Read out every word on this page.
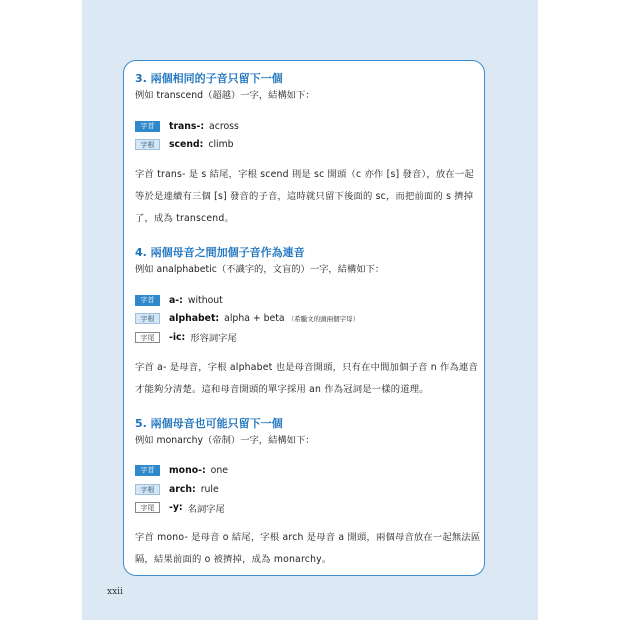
3. 兩個相同的子音只留下一個
例如 transcend（超越）一字，結構如下：
字首	trans-: across
字根	scend: climb
字首 trans- 是 s 結尾，字根 scend 則是 sc 開頭（c 亦作 [s] 發音），放在一起等於是連續有三個 [s] 發音的子音，這時就只留下後面的 sc，而把前面的 s 擠掉了，成為 transcend。
4. 兩個母音之間加個子音作為連音
例如 analphabetic（不識字的，文盲的）一字，結構如下：
字首	a-: without
字根	alphabet: alpha + beta （希臘文的頭兩個字母）
字尾	-ic: 形容詞字尾
字首 a- 是母音，字根 alphabet 也是母音開頭，只有在中間加個子音 n 作為連音才能夠分清楚。這和母音開頭的單字採用 an 作為冠詞是一樣的道理。
5. 兩個母音也可能只留下一個
例如 monarchy（帝制）一字，結構如下：
字首	mono-: one
字根	arch: rule
字尾	-y: 名詞字尾
字首 mono- 是母音 o 結尾，字根 arch 是母音 a 開頭，兩個母音放在一起無法區隔，結果前面的 o 被擠掉，成為 monarchy。
xxii
